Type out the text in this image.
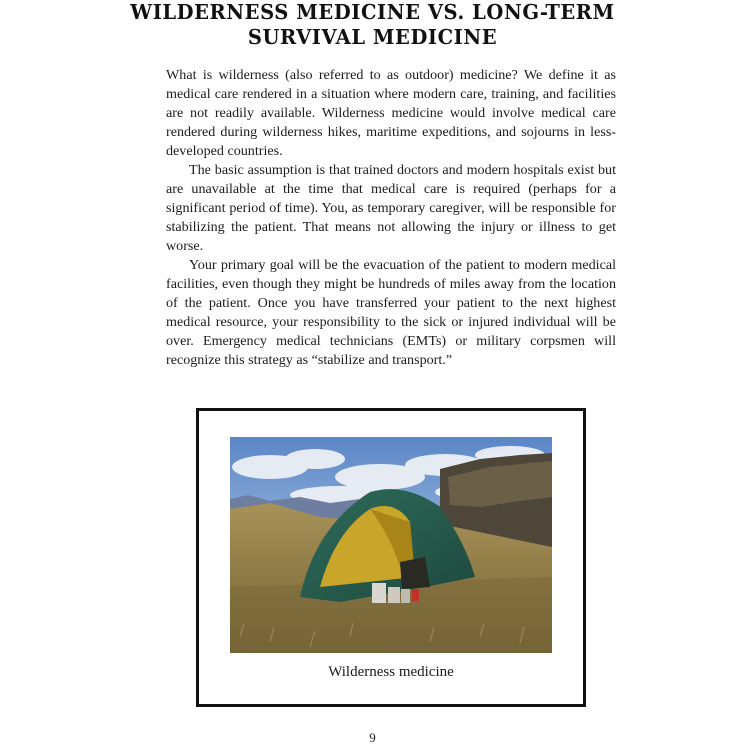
WILDERNESS MEDICINE VS. LONG-TERM
SURVIVAL MEDICINE

What is wilderness (also referred to as outdoor) medicine? We define it as medical care rendered in a situation where modern care, training, and facilities are not readily available. Wilderness medicine would involve medical care rendered during wilderness hikes, maritime expeditions, and sojourns in less-developed countries.

The basic assumption is that trained doctors and modern hospitals exist but are unavailable at the time that medical care is required (perhaps for a significant period of time). You, as temporary caregiver, will be responsible for stabilizing the patient. That means not allowing the injury or illness to get worse.

Your primary goal will be the evacuation of the patient to modern medical facilities, even though they might be hundreds of miles away from the location of the patient. Once you have transferred your patient to the next highest medical resource, your responsibility to the sick or injured individual will be over. Emergency medical technicians (EMTs) or military corpsmen will recognize this strategy as “stabilize and transport.”

Wilderness medicine
9
